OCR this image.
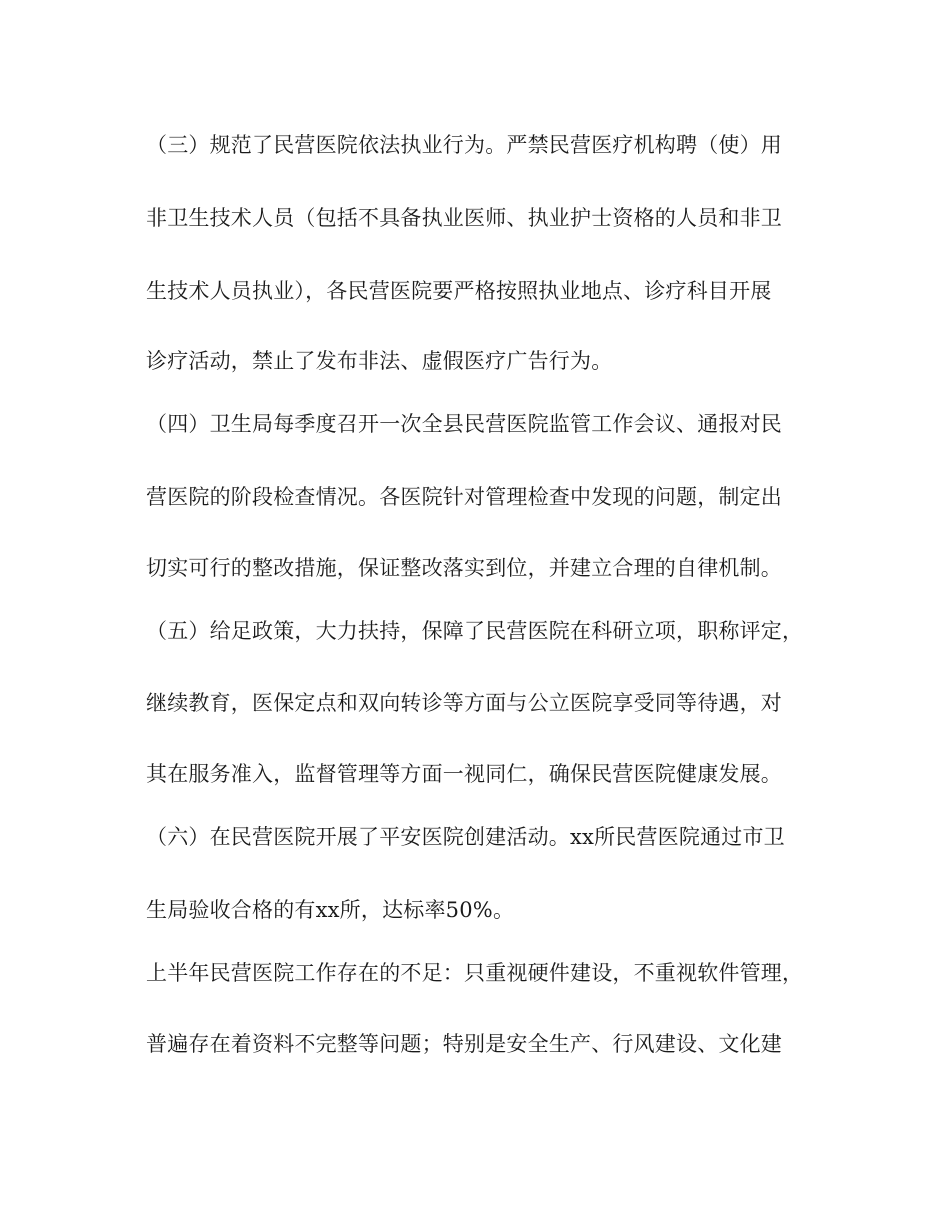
（三）规范了民营医院依法执业行为。严禁民营医疗机构聘（使）用
非卫生技术人员（包括不具备执业医师、执业护士资格的人员和非卫
生技术人员执业），各民营医院要严格按照执业地点、诊疗科目开展
诊疗活动，禁止了发布非法、虚假医疗广告行为。
（四）卫生局每季度召开一次全县民营医院监管工作会议、通报对民
营医院的阶段检查情况。各医院针对管理检查中发现的问题，制定出
切实可行的整改措施，保证整改落实到位，并建立合理的自律机制。
（五）给足政策，大力扶持，保障了民营医院在科研立项，职称评定，
继续教育，医保定点和双向转诊等方面与公立医院享受同等待遇，对
其在服务准入，监督管理等方面一视同仁，确保民营医院健康发展。
（六）在民营医院开展了平安医院创建活动。xx所民营医院通过市卫
生局验收合格的有xx所，达标率50%。
上半年民营医院工作存在的不足：只重视硬件建设，不重视软件管理，
普遍存在着资料不完整等问题；特别是安全生产、行风建设、文化建
